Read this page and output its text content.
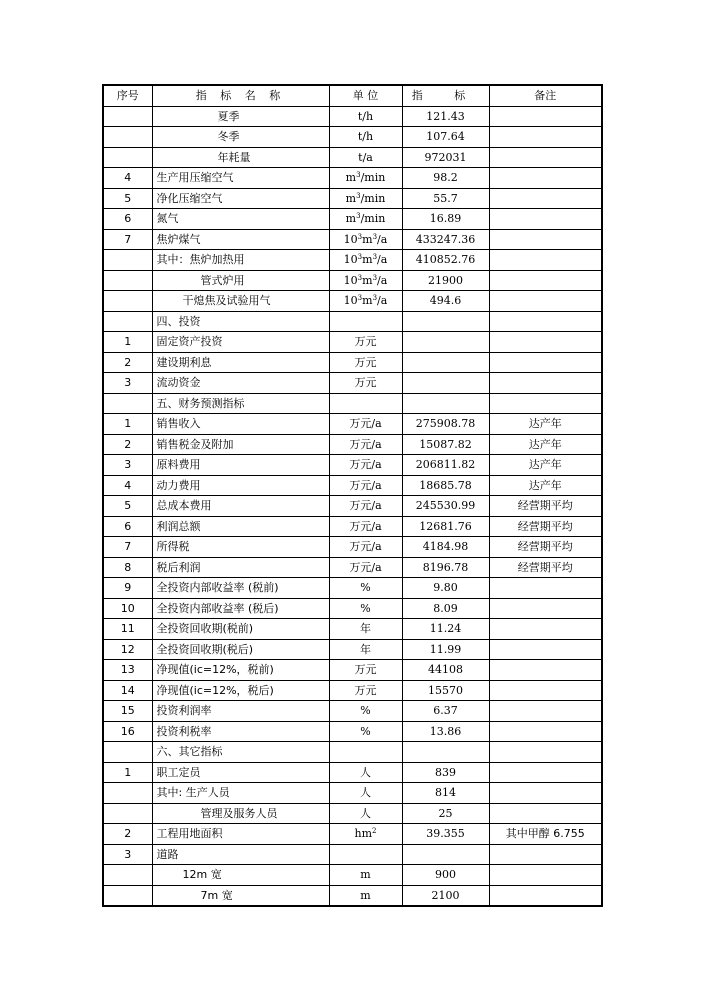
序号	指 标 名 称	单 位	指 标	备注
	夏季	t/h	121.43	
	冬季	t/h	107.64	
	年耗量	t/a	972031	
4	生产用压缩空气	$m^3/\min$	98.2	
5	净化压缩空气	$m^3/\min$	55.7	
6	氮气	$m^3/\min$	16.89	
7	焦炉煤气	$10^3m^3/a$	433247.36	
	其中：焦炉加热用	$10^3m^3/a$	410852.76	
	管式炉用	$10^3m^3/a$	21900	
	干熄焦及试验用气	$10^3m^3/a$	494.6	
	四、投资			
1	固定资产投资	万元		
2	建设期利息	万元		
3	流动资金	万元		
	五、财务预测指标			
1	销售收入	万元/a	275908.78	达产年
2	销售税金及附加	万元/a	15087.82	达产年
3	原料费用	万元/a	206811.82	达产年
4	动力费用	万元/a	18685.78	达产年
5	总成本费用	万元/a	245530.99	经营期平均
6	利润总额	万元/a	12681.76	经营期平均
7	所得税	万元/a	4184.98	经营期平均
8	税后利润	万元/a	8196.78	经营期平均
9	全投资内部收益率 (税前)	%	9.80	
10	全投资内部收益率 (税后)	%	8.09	
11	全投资回收期(税前)	年	11.24	
12	全投资回收期(税后)	年	11.99	
13	净现值(ic=12%，税前)	万元	44108	
14	净现值(ic=12%，税后)	万元	15570	
15	投资利润率	%	6.37	
16	投资利税率	%	13.86	
	六、其它指标			
1	职工定员	人	839	
	其中: 生产人员	人	814	
	管理及服务人员	人	25	
2	工程用地面积	$hm^2$	39.355	其中甲醇 6.755
3	道路			
	12m 宽	m	900	
	7m 宽	m	2100	
